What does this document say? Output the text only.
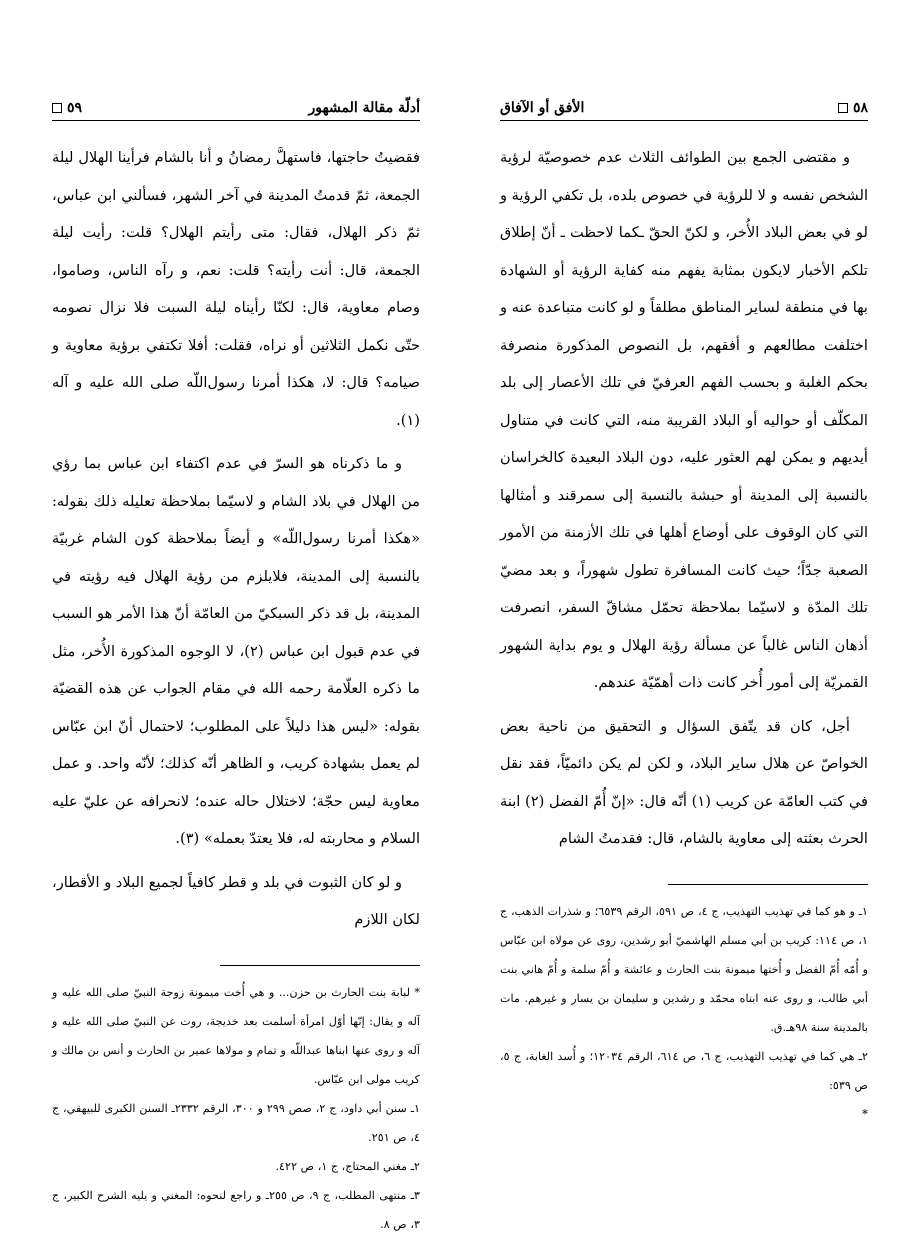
أدلّة مقالة المشهور
٥٩

فقضيتُ حاجتها، فاستهلَّ رمضانُ و أنا بالشام فرأينا الهلال ليلة الجمعة، ثمّ قدمتُ المدينة في آخر الشهر، فسألني ابن عباس، ثمّ ذكر الهلال، فقال: متى رأيتم الهلال؟ قلت: رأيت ليلة الجمعة، قال: أنت رأيته؟ قلت: نعم، و رآه الناس، وصاموا، وصام معاوية، قال: لكنّا رأيناه ليلة السبت فلا نزال نصومه حتّى نكمل الثلاثين أو نراه، فقلت: أفلا تكتفي برؤية معاوية و صيامه؟ قال: لا، هكذا أمرنا رسول‌اللّه صلى الله عليه و آله (١).

و ما ذكرناه هو السرّ في عدم اكتفاء ابن عباس بما رؤي من الهلال في بلاد الشام و لاسيّما بملاحظة تعليله ذلك بقوله: «هكذا أمرنا رسول‌اللّه» و أيضاً بملاحظة كون الشام غربيّة بالنسبة إلى المدينة، فلايلزم من رؤية الهلال فيه رؤيته في المدينة، بل قد ذكر السبكيّ من العامّة أنّ هذا الأمر هو السبب في عدم قبول ابن عباس (٢)، لا الوجوه المذكورة الأُخر، مثل ما ذكره العلّامة رحمه الله في مقام الجواب عن هذه القضيّة بقوله: «ليس هذا دليلاً على المطلوب؛ لاحتمال أنّ ابن عبّاس لم يعمل بشهادة كريب، و الظاهر أنّه كذلك؛ لأنّه واحد. و عمل معاوية ليس حجّة؛ لاختلال حاله عنده؛ لانحرافه عن عليّ عليه السلام و محاربته له، فلا يعتدّ بعمله» (٣).

و لو كان الثبوت في بلد و قطر كافياً لجميع البلاد و الأقطار، لكان اللازم

* لبابة بنت الحارث بن حزن... و هي أُخت ميمونة زوجة النبيّ صلى الله عليه و آله و يقال: إنّها أوّل امرأة أسلمت بعد خديجة، روت عن النبيّ صلى الله عليه و آله و روى عنها ابناها عبداللّه و تمام و مولاها عمير بن الحارث و أنس بن مالك و كريب مولى ابن عبّاس.

١ـ سنن أبي داود، ج ٢، صص ٢٩٩ و ٣٠٠، الرقم ٢٣٣٢ـ السنن الكبرى للبيهقي، ج ٤، ص ٢٥١.

٢ـ مغني المحتاج، ج ١، ص ٤٢٢.

٣ـ منتهى المطلب، ج ٩، ص ٢٥٥ـ و راجع لنحوه: المغني و يليه الشرح الكبير، ج ٣، ص ٨.

٥٨
الأفق أو الآفاق

و مقتضى الجمع بين الطوائف الثلاث عدم خصوصيّة لرؤية الشخص نفسه و لا للرؤية في خصوص بلده، بل تكفي الرؤية و لو في بعض البلاد الأُخر، و لكنّ الحقّ ـكما لاحظت ـ أنّ إطلاق تلكم الأخبار لايكون بمثابة يفهم منه كفاية الرؤية أو الشهادة بها في منطقة لساير المناطق مطلقاً و لو كانت متباعدة عنه و اختلفت مطالعهم و أفقهم، بل النصوص المذكورة منصرفة بحكم الغلبة و بحسب الفهم العرفيّ في تلك الأعصار إلى بلد المكلّف أو حواليه أو البلاد القريبة منه، التي كانت في متناول أيديهم و يمكن لهم العثور عليه، دون البلاد البعيدة كالخراسان بالنسبة إلى المدينة أو حبشة بالنسبة إلى سمرقند و أمثالها التي كان الوقوف على أوضاع أهلها في تلك الأزمنة من الأمور الصعبة جدّاً؛ حيث كانت المسافرة تطول شهوراً، و بعد مضيّ تلك المدّة و لاسيّما بملاحظة تحمّل مشاقّ السفر، انصرفت أذهان الناس غالباً عن مسألة رؤية الهلال و يوم بداية الشهور القمريّة إلى أمور أُخر كانت ذات أهمّيّة عندهم.

أجل، كان قد يتّفق السؤال و التحقيق من ناحية بعض الخواصّ عن هلال ساير البلاد، و لكن لم يكن دائميّاً، فقد نقل في كتب العامّة عن كريب (١) أنّه قال: «إنّ أُمّ الفضل (٢) ابنة الحرث بعثته إلى معاوية بالشام، قال: فقدمتُ الشام

١ـ و هو كما في تهذيب التهذيب، ج ٤، ص ٥٩١، الرقم ٦٥٣٩؛ و شذرات الذهب، ج ١، ص ١١٤: كريب بن أبي مسلم الهاشميّ أبو رشدين، روى عن مولاه ابن عبّاس و أُمّه أُمّ الفضل و أُختها ميمونة بنت الحارث و عائشة و أُمّ سلمة و أُمّ هاني بنت أبي طالب، و روى عنه ابناه محمّد و رشدين و سليمان بن يسار و غيرهم. مات بالمدينة سنة ٩٨هـ.ق.

٢ـ هي كما في تهذيب التهذيب، ج ٦، ص ٦١٤، الرقم ١٢٠٣٤؛ و أُسد الغابة، ج ٥، ص ٥٣٩:

*
